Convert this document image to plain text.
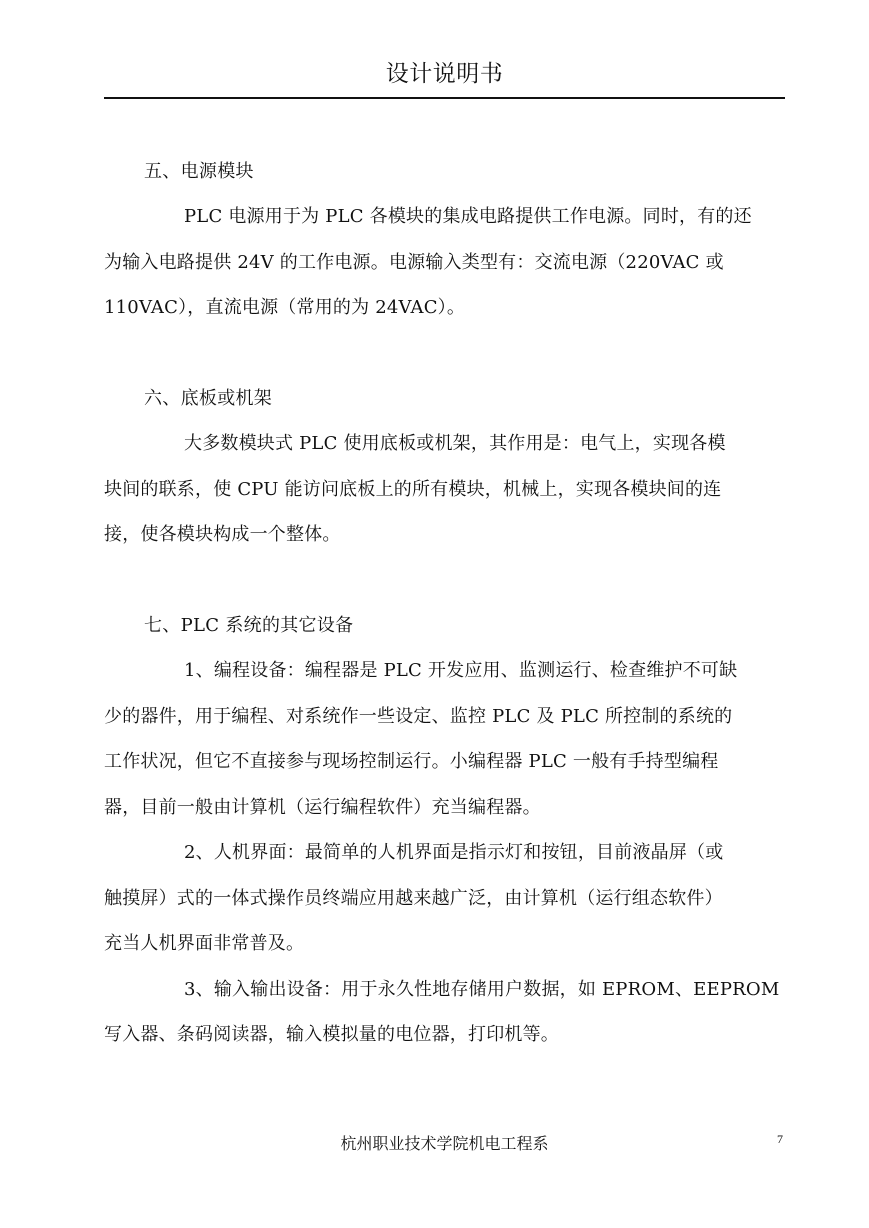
设计说明书
五、电源模块
PLC 电源用于为 PLC 各模块的集成电路提供工作电源。同时，有的还
为输入电路提供 24V 的工作电源。电源输入类型有：交流电源（220VAC 或
110VAC），直流电源（常用的为 24VAC）。
六、底板或机架
大多数模块式 PLC 使用底板或机架，其作用是：电气上，实现各模
块间的联系，使 CPU 能访问底板上的所有模块，机械上，实现各模块间的连
接，使各模块构成一个整体。
七、PLC 系统的其它设备
1、编程设备：编程器是 PLC 开发应用、监测运行、检查维护不可缺
少的器件，用于编程、对系统作一些设定、监控 PLC 及 PLC 所控制的系统的
工作状况，但它不直接参与现场控制运行。小编程器 PLC 一般有手持型编程
器，目前一般由计算机（运行编程软件）充当编程器。
2、人机界面：最简单的人机界面是指示灯和按钮，目前液晶屏（或
触摸屏）式的一体式操作员终端应用越来越广泛，由计算机（运行组态软件）
充当人机界面非常普及。
3、输入输出设备：用于永久性地存储用户数据，如 EPROM、EEPROM
写入器、条码阅读器，输入模拟量的电位器，打印机等。
杭州职业技术学院机电工程系	7
